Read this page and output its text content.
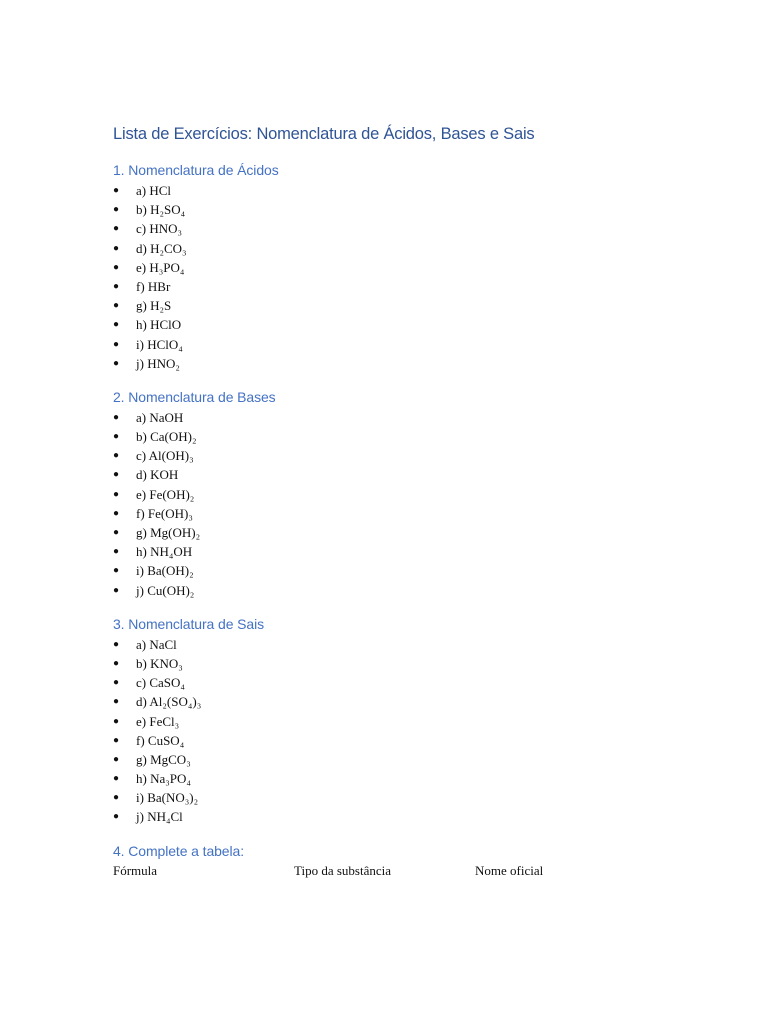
Lista de Exercícios: Nomenclatura de Ácidos, Bases e Sais
1. Nomenclatura de Ácidos
● a) HCl
● b) H₂SO₄
● c) HNO₃
● d) H₂CO₃
● e) H₃PO₄
● f) HBr
● g) H₂S
● h) HClO
● i) HClO₄
● j) HNO₂
2. Nomenclatura de Bases
● a) NaOH
● b) Ca(OH)₂
● c) Al(OH)₃
● d) KOH
● e) Fe(OH)₂
● f) Fe(OH)₃
● g) Mg(OH)₂
● h) NH₄OH
● i) Ba(OH)₂
● j) Cu(OH)₂
3. Nomenclatura de Sais
● a) NaCl
● b) KNO₃
● c) CaSO₄
● d) Al₂(SO₄)₃
● e) FeCl₃
● f) CuSO₄
● g) MgCO₃
● h) Na₃PO₄
● i) Ba(NO₃)₂
● j) NH₄Cl
4. Complete a tabela:
Fórmula	Tipo da substância	Nome oficial
